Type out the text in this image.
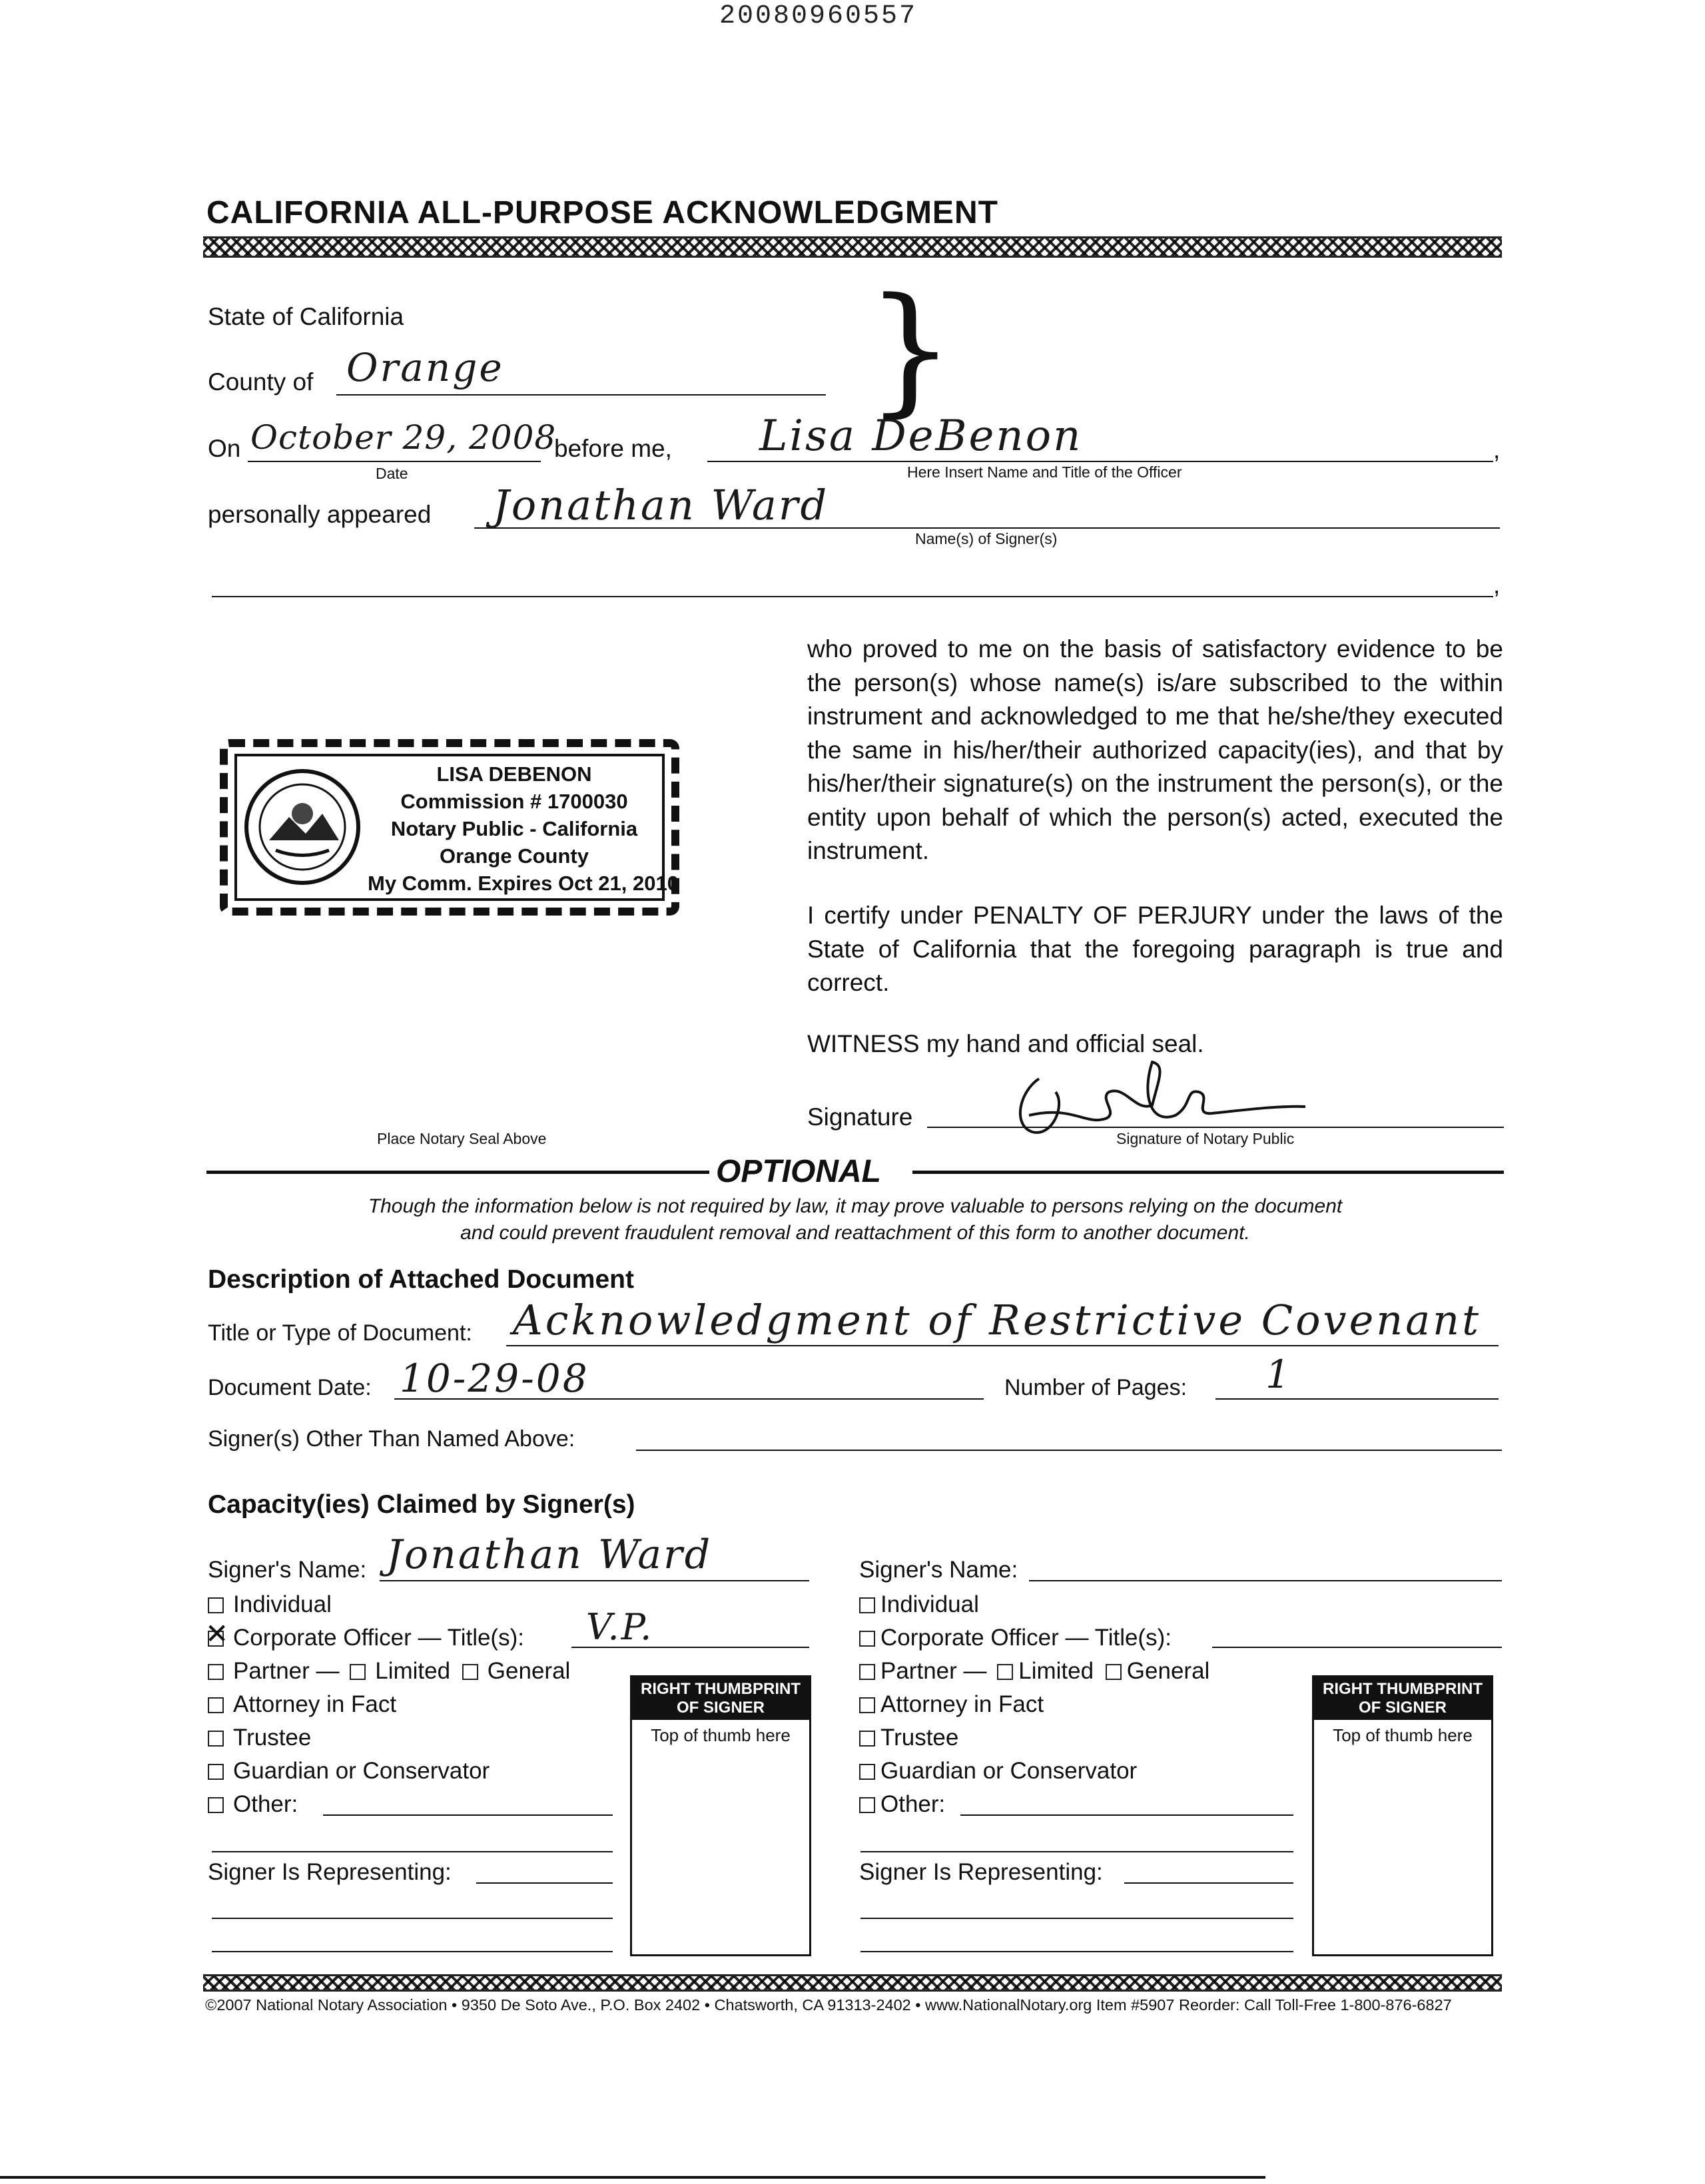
20080960557
CALIFORNIA ALL-PURPOSE ACKNOWLEDGMENT
State of California
County of Orange	}
On October 29, 2008
Date
before me,	,
Lisa DeBenon
Here Insert Name and Title of the Officer
personally appeared Jonathan Ward
Name(s) of Signer(s)
,
who proved to me on the basis of satisfactory evidence to be the person(s) whose name(s) is/are subscribed to the within instrument and acknowledged to me that he/she/they executed the same in his/her/their authorized capacity(ies), and that by his/her/their signature(s) on the instrument the person(s), or the entity upon behalf of which the person(s) acted, executed the instrument.
I certify under PENALTY OF PERJURY under the laws of the State of California that the foregoing paragraph is true and correct.
WITNESS my hand and official seal.
Signature
Signature of Notary Public
LISA DEBENON
Commission # 1700030
Notary Public - California
Orange County
My Comm. Expires Oct 21, 2010
Place Notary Seal Above
OPTIONAL
Though the information below is not required by law, it may prove valuable to persons relying on the document
and could prevent fraudulent removal and reattachment of this form to another document.
Description of Attached Document
Title or Type of Document: Acknowledgment of Restrictive Covenant
Document Date: 10-29-08	Number of Pages: 1
Signer(s) Other Than Named Above:
Capacity(ies) Claimed by Signer(s)
Signer's Name: Jonathan Ward
Individual
✕Corporate Officer — Title(s): V.P.
Partner — Limited General
Attorney in Fact
Trustee
Guardian or Conservator
Other:
Signer Is Representing:
RIGHT THUMBPRINT
OF SIGNER
Top of thumb here
Signer's Name:
Individual
Corporate Officer — Title(s):
Partner — Limited General
Attorney in Fact
Trustee
Guardian or Conservator
Other:
Signer Is Representing:
RIGHT THUMBPRINT
OF SIGNER
Top of thumb here
©2007 National Notary Association • 9350 De Soto Ave., P.O. Box 2402 • Chatsworth, CA 91313-2402 • www.NationalNotary.org Item #5907 Reorder: Call Toll-Free 1-800-876-6827
